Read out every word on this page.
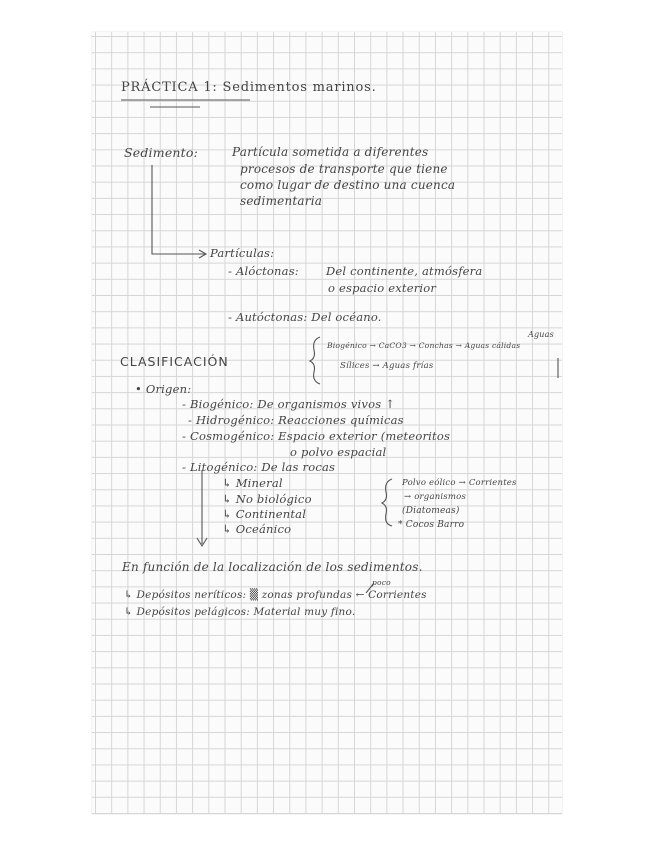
PRÁCTICA 1: Sedimentos marinos.
Sedimento:	Partícula sometida a diferentes
procesos de transporte que tiene
como lugar de destino una cuenca
sedimentaria
Partículas:
- Alóctonas: Del continente, atmósfera
o espacio exterior
- Autóctonas: Del océano.
CLASIFICACIÓN
Aguas
Biogénico → CaCO3 → Conchas → Aguas cálidas
Sílices → Aguas frías
• Origen:
- Biogénico: De organismos vivos ↑
- Hidrogénico: Reacciones químicas
- Cosmogénico: Espacio exterior (meteoritos
o polvo espacial
- Litogénico: De las rocas
↳ Mineral
↳ No biológico
↳ Continental
↳ Oceánico
Polvo eólico → Corrientes
→ organismos
(Diatomeas)
* Cocos Barro
En función de la localización de los sedimentos.
poco
↳ Depósitos neríticos: ▒ zonas profundas ← Corrientes
↳ Depósitos pelágicos: Material muy fino.
